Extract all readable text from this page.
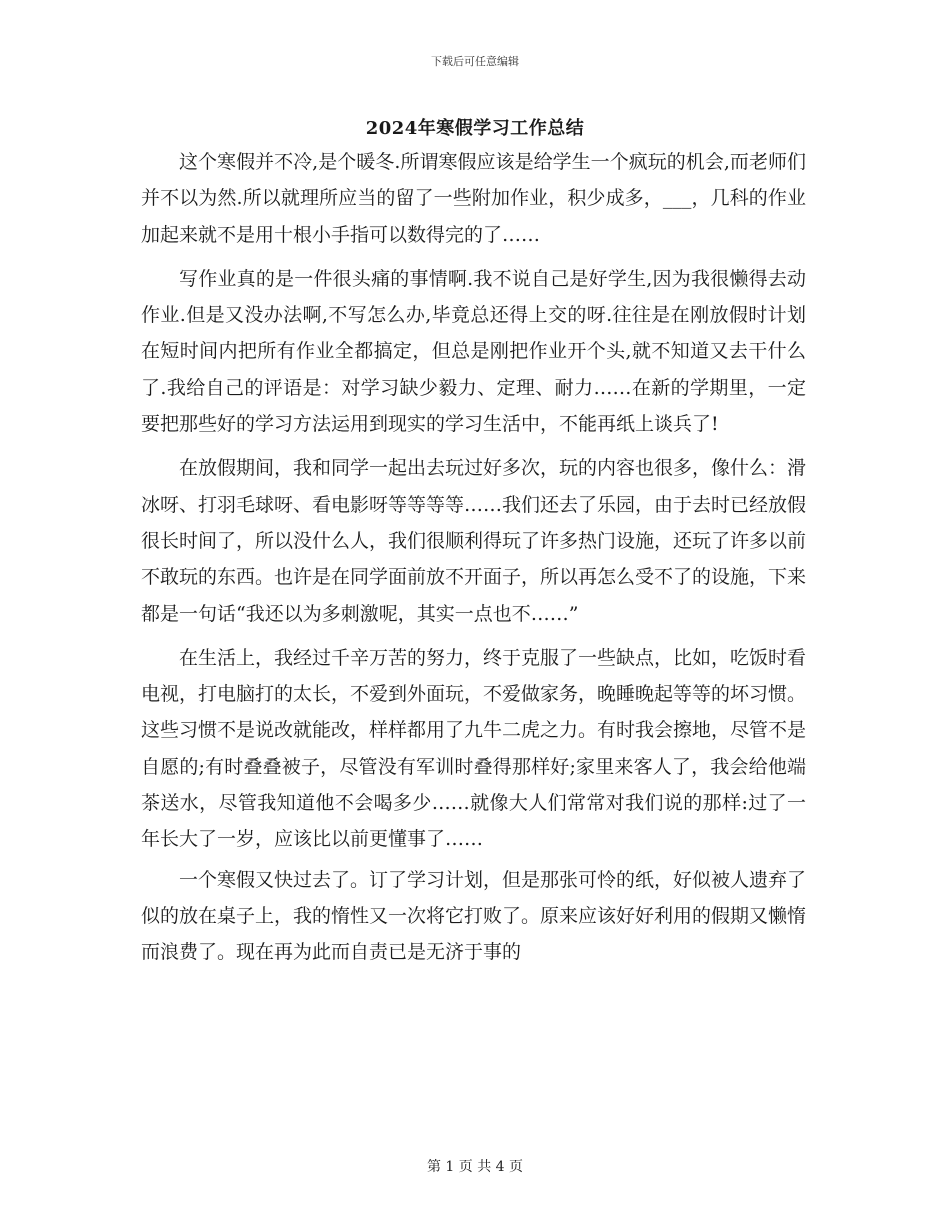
下载后可任意编辑
2024年寒假学习工作总结

这个寒假并不冷,是个暖冬.所谓寒假应该是给学生一个疯玩的机会,而老师们并不以为然.所以就理所应当的留了一些附加作业，积少成多，___，几科的作业加起来就不是用十根小手指可以数得完的了……

写作业真的是一件很头痛的事情啊.我不说自己是好学生,因为我很懒得去动作业.但是又没办法啊,不写怎么办,毕竟总还得上交的呀.往往是在刚放假时计划在短时间内把所有作业全都搞定，但总是刚把作业开个头,就不知道又去干什么了.我给自己的评语是：对学习缺少毅力、定理、耐力……在新的学期里，一定要把那些好的学习方法运用到现实的学习生活中，不能再纸上谈兵了!

在放假期间，我和同学一起出去玩过好多次，玩的内容也很多，像什么：滑冰呀、打羽毛球呀、看电影呀等等等等……我们还去了乐园，由于去时已经放假很长时间了，所以没什么人，我们很顺利得玩了许多热门设施，还玩了许多以前不敢玩的东西。也许是在同学面前放不开面子，所以再怎么受不了的设施，下来都是一句话“我还以为多刺激呢，其实一点也不……”

在生活上，我经过千辛万苦的努力，终于克服了一些缺点，比如，吃饭时看电视，打电脑打的太长，不爱到外面玩，不爱做家务，晚睡晚起等等的坏习惯。这些习惯不是说改就能改，样样都用了九牛二虎之力。有时我会擦地，尽管不是自愿的;有时叠叠被子，尽管没有军训时叠得那样好;家里来客人了，我会给他端茶送水，尽管我知道他不会喝多少……就像大人们常常对我们说的那样:过了一年长大了一岁，应该比以前更懂事了……

一个寒假又快过去了。订了学习计划，但是那张可怜的纸，好似被人遗弃了似的放在桌子上，我的惰性又一次将它打败了。原来应该好好利用的假期又懒惰而浪费了。现在再为此而自责已是无济于事的

第 1 页 共 4 页
